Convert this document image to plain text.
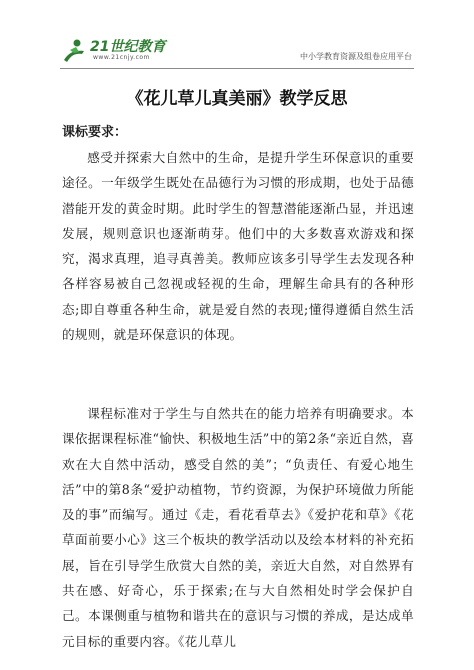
21世纪教育
www.21cnjy.com	中小学教育资源及组卷应用平台
《花儿草儿真美丽》教学反思
课标要求：

感受并探索大自然中的生命，是提升学生环保意识的重要途径。一年级学生既处在品德行为习惯的形成期，也处于品德潜能开发的黄金时期。此时学生的智慧潜能逐渐凸显，并迅速发展，规则意识也逐渐萌芽。他们中的大多数喜欢游戏和探究，渴求真理，追寻真善美。教师应该多引导学生去发现各种各样容易被自己忽视或轻视的生命，理解生命具有的各种形态;即自尊重各种生命，就是爱自然的表现;懂得遵循自然生活的规则，就是环保意识的体现。

课程标准对于学生与自然共在的能力培养有明确要求。本课依据课程标准“愉快、积极地生活”中的第2条“亲近自然，喜欢在大自然中活动，感受自然的美”；“负责任、有爱心地生活”中的第8条“爱护动植物，节约资源，为保护环境做力所能及的事”而编写。通过《走，看花看草去》《爱护花和草》《花草面前要小心》这三个板块的教学活动以及绘本材料的补充拓展，旨在引导学生欣赏大自然的美，亲近大自然，对自然界有共在感、好奇心，乐于探索;在与大自然相处时学会保护自己。本课侧重与植物和谐共在的意识与习惯的养成，是达成单元目标的重要内容。《花儿草儿
